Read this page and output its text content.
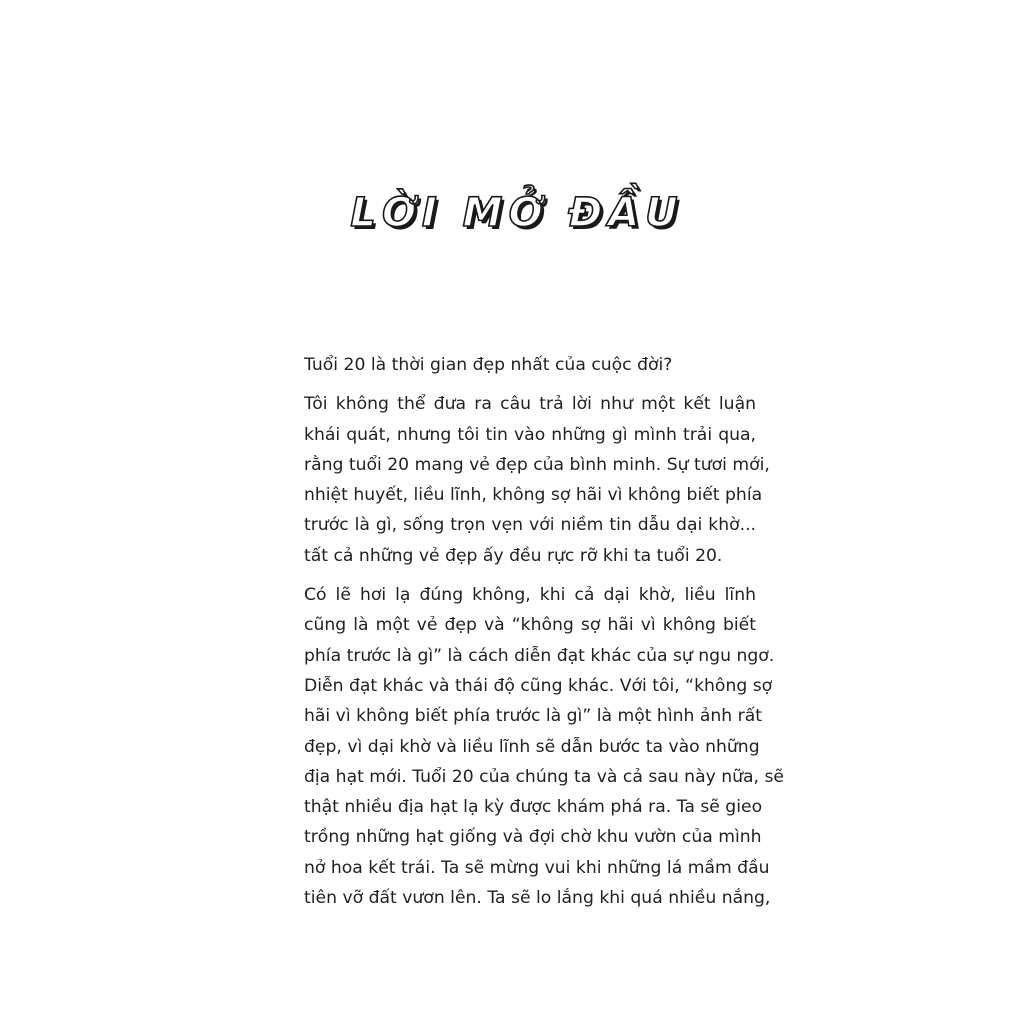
LỜI MỞ ĐẦU

Tuổi 20 là thời gian đẹp nhất của cuộc đời?

Tôi không thể đưa ra câu trả lời như một kết luận
khái quát, nhưng tôi tin vào những gì mình trải qua,
rằng tuổi 20 mang vẻ đẹp của bình minh. Sự tươi mới,
nhiệt huyết, liều lĩnh, không sợ hãi vì không biết phía
trước là gì, sống trọn vẹn với niềm tin dẫu dại khờ...
tất cả những vẻ đẹp ấy đều rực rỡ khi ta tuổi 20.

Có lẽ hơi lạ đúng không, khi cả dại khờ, liều lĩnh
cũng là một vẻ đẹp và “không sợ hãi vì không biết
phía trước là gì” là cách diễn đạt khác của sự ngu ngơ.
Diễn đạt khác và thái độ cũng khác. Với tôi, “không sợ
hãi vì không biết phía trước là gì” là một hình ảnh rất
đẹp, vì dại khờ và liều lĩnh sẽ dẫn bước ta vào những
địa hạt mới. Tuổi 20 của chúng ta và cả sau này nữa, sẽ
thật nhiều địa hạt lạ kỳ được khám phá ra. Ta sẽ gieo
trồng những hạt giống và đợi chờ khu vườn của mình
nở hoa kết trái. Ta sẽ mừng vui khi những lá mầm đầu
tiên vỡ đất vươn lên. Ta sẽ lo lắng khi quá nhiều nắng,
